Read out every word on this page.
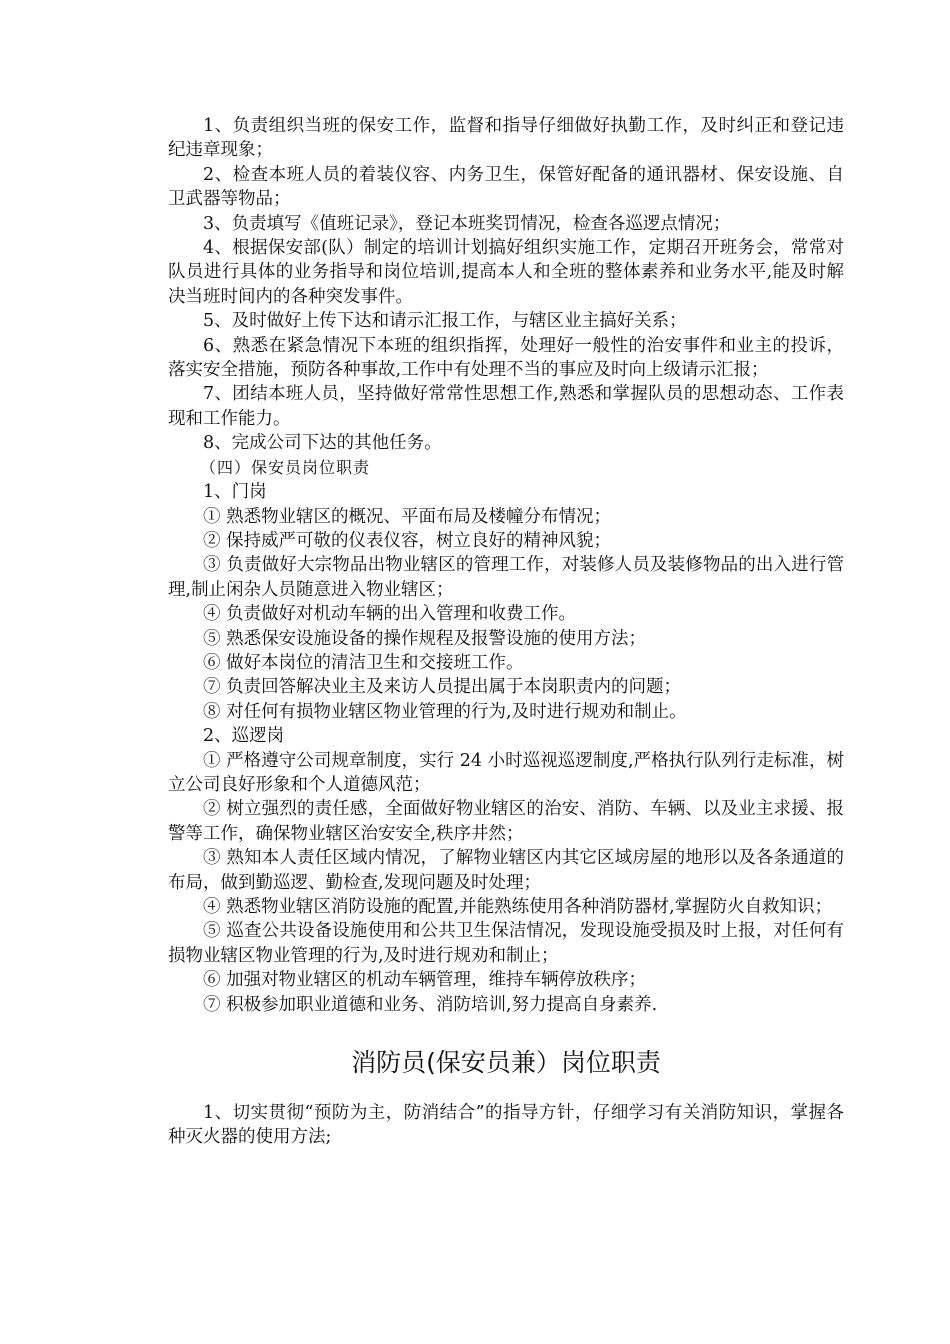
1、负责组织当班的保安工作，监督和指导仔细做好执勤工作，及时纠正和登记违纪违章现象；

2、检查本班人员的着装仪容、内务卫生，保管好配备的通讯器材、保安设施、自卫武器等物品；

3、负责填写《值班记录》，登记本班奖罚情况，检查各巡逻点情况；

4、根据保安部(队）制定的培训计划搞好组织实施工作，定期召开班务会，常常对队员进行具体的业务指导和岗位培训,提高本人和全班的整体素养和业务水平,能及时解决当班时间内的各种突发事件。

5、及时做好上传下达和请示汇报工作，与辖区业主搞好关系；

6、熟悉在紧急情况下本班的组织指挥，处理好一般性的治安事件和业主的投诉，落实安全措施，预防各种事故,工作中有处理不当的事应及时向上级请示汇报；

7、团结本班人员，坚持做好常常性思想工作,熟悉和掌握队员的思想动态、工作表现和工作能力。

8、完成公司下达的其他任务。

（四）保安员岗位职责

1、门岗

① 熟悉物业辖区的概况、平面布局及楼幢分布情况；

② 保持威严可敬的仪表仪容，树立良好的精神风貌；

③ 负责做好大宗物品出物业辖区的管理工作，对装修人员及装修物品的出入进行管理,制止闲杂人员随意进入物业辖区；

④ 负责做好对机动车辆的出入管理和收费工作。

⑤ 熟悉保安设施设备的操作规程及报警设施的使用方法；

⑥ 做好本岗位的清洁卫生和交接班工作。

⑦ 负责回答解决业主及来访人员提出属于本岗职责内的问题；

⑧ 对任何有损物业辖区物业管理的行为,及时进行规劝和制止。

2、巡逻岗

① 严格遵守公司规章制度，实行 24 小时巡视巡逻制度,严格执行队列行走标准，树立公司良好形象和个人道德风范；

② 树立强烈的责任感，全面做好物业辖区的治安、消防、车辆、以及业主求援、报警等工作，确保物业辖区治安安全,秩序井然；

③ 熟知本人责任区域内情况，了解物业辖区内其它区域房屋的地形以及各条通道的布局，做到勤巡逻、勤检查,发现问题及时处理；

④ 熟悉物业辖区消防设施的配置,并能熟练使用各种消防器材,掌握防火自救知识；

⑤ 巡查公共设备设施使用和公共卫生保洁情况，发现设施受损及时上报，对任何有损物业辖区物业管理的行为,及时进行规劝和制止；

⑥ 加强对物业辖区的机动车辆管理，维持车辆停放秩序；

⑦ 积极参加职业道德和业务、消防培训,努力提高自身素养.

消防员(保安员兼）岗位职责

1、切实贯彻“预防为主，防消结合”的指导方针，仔细学习有关消防知识，掌握各种灭火器的使用方法;
